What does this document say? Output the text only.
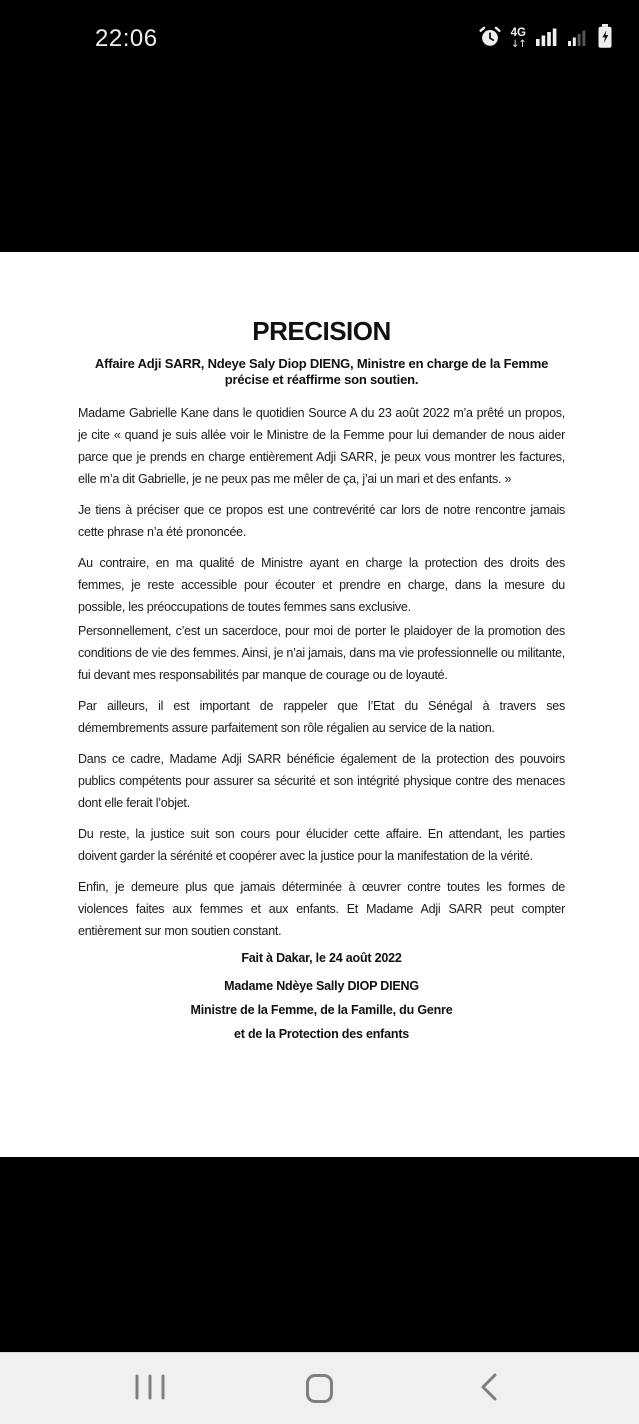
22:06	4G
↓↑
PRECISION
Affaire Adji SARR, Ndeye Saly Diop DIENG, Ministre en charge de la Femme
précise et réaffirme son soutien.

Madame Gabrielle Kane dans le quotidien Source A du 23 août 2022 m’a prêté un propos, je cite « quand je suis allée voir le Ministre de la Femme pour lui demander de nous aider parce que je prends en charge entièrement Adji SARR, je peux vous montrer les factures, elle m’a dit Gabrielle, je ne peux pas me mêler de ça, j’ai un mari et des enfants. »

Je tiens à préciser que ce propos est une contrevérité car lors de notre rencontre jamais cette phrase n’a été prononcée.

Au contraire, en ma qualité de Ministre ayant en charge la protection des droits des femmes, je reste accessible pour écouter et prendre en charge, dans la mesure du possible, les préoccupations de toutes femmes sans exclusive.

Personnellement, c’est un sacerdoce, pour moi de porter le plaidoyer de la promotion des conditions de vie des femmes. Ainsi, je n’ai jamais, dans ma vie professionnelle ou militante, fui devant mes responsabilités par manque de courage ou de loyauté.

Par ailleurs, il est important de rappeler que l’Etat du Sénégal à travers ses démembrements assure parfaitement son rôle régalien au service de la nation.

Dans ce cadre, Madame Adji SARR bénéficie également de la protection des pouvoirs publics compétents pour assurer sa sécurité et son intégrité physique contre des menaces dont elle ferait l’objet.

Du reste, la justice suit son cours pour élucider cette affaire. En attendant, les parties doivent garder la sérénité et coopérer avec la justice pour la manifestation de la vérité.

Enfin, je demeure plus que jamais déterminée à œuvrer contre toutes les formes de violences faites aux femmes et aux enfants. Et Madame Adji SARR peut compter entièrement sur mon soutien constant.

Fait à Dakar, le 24 août 2022
Madame Ndèye Sally DIOP DIENG
Ministre de la Femme, de la Famille, du Genre
et de la Protection des enfants
